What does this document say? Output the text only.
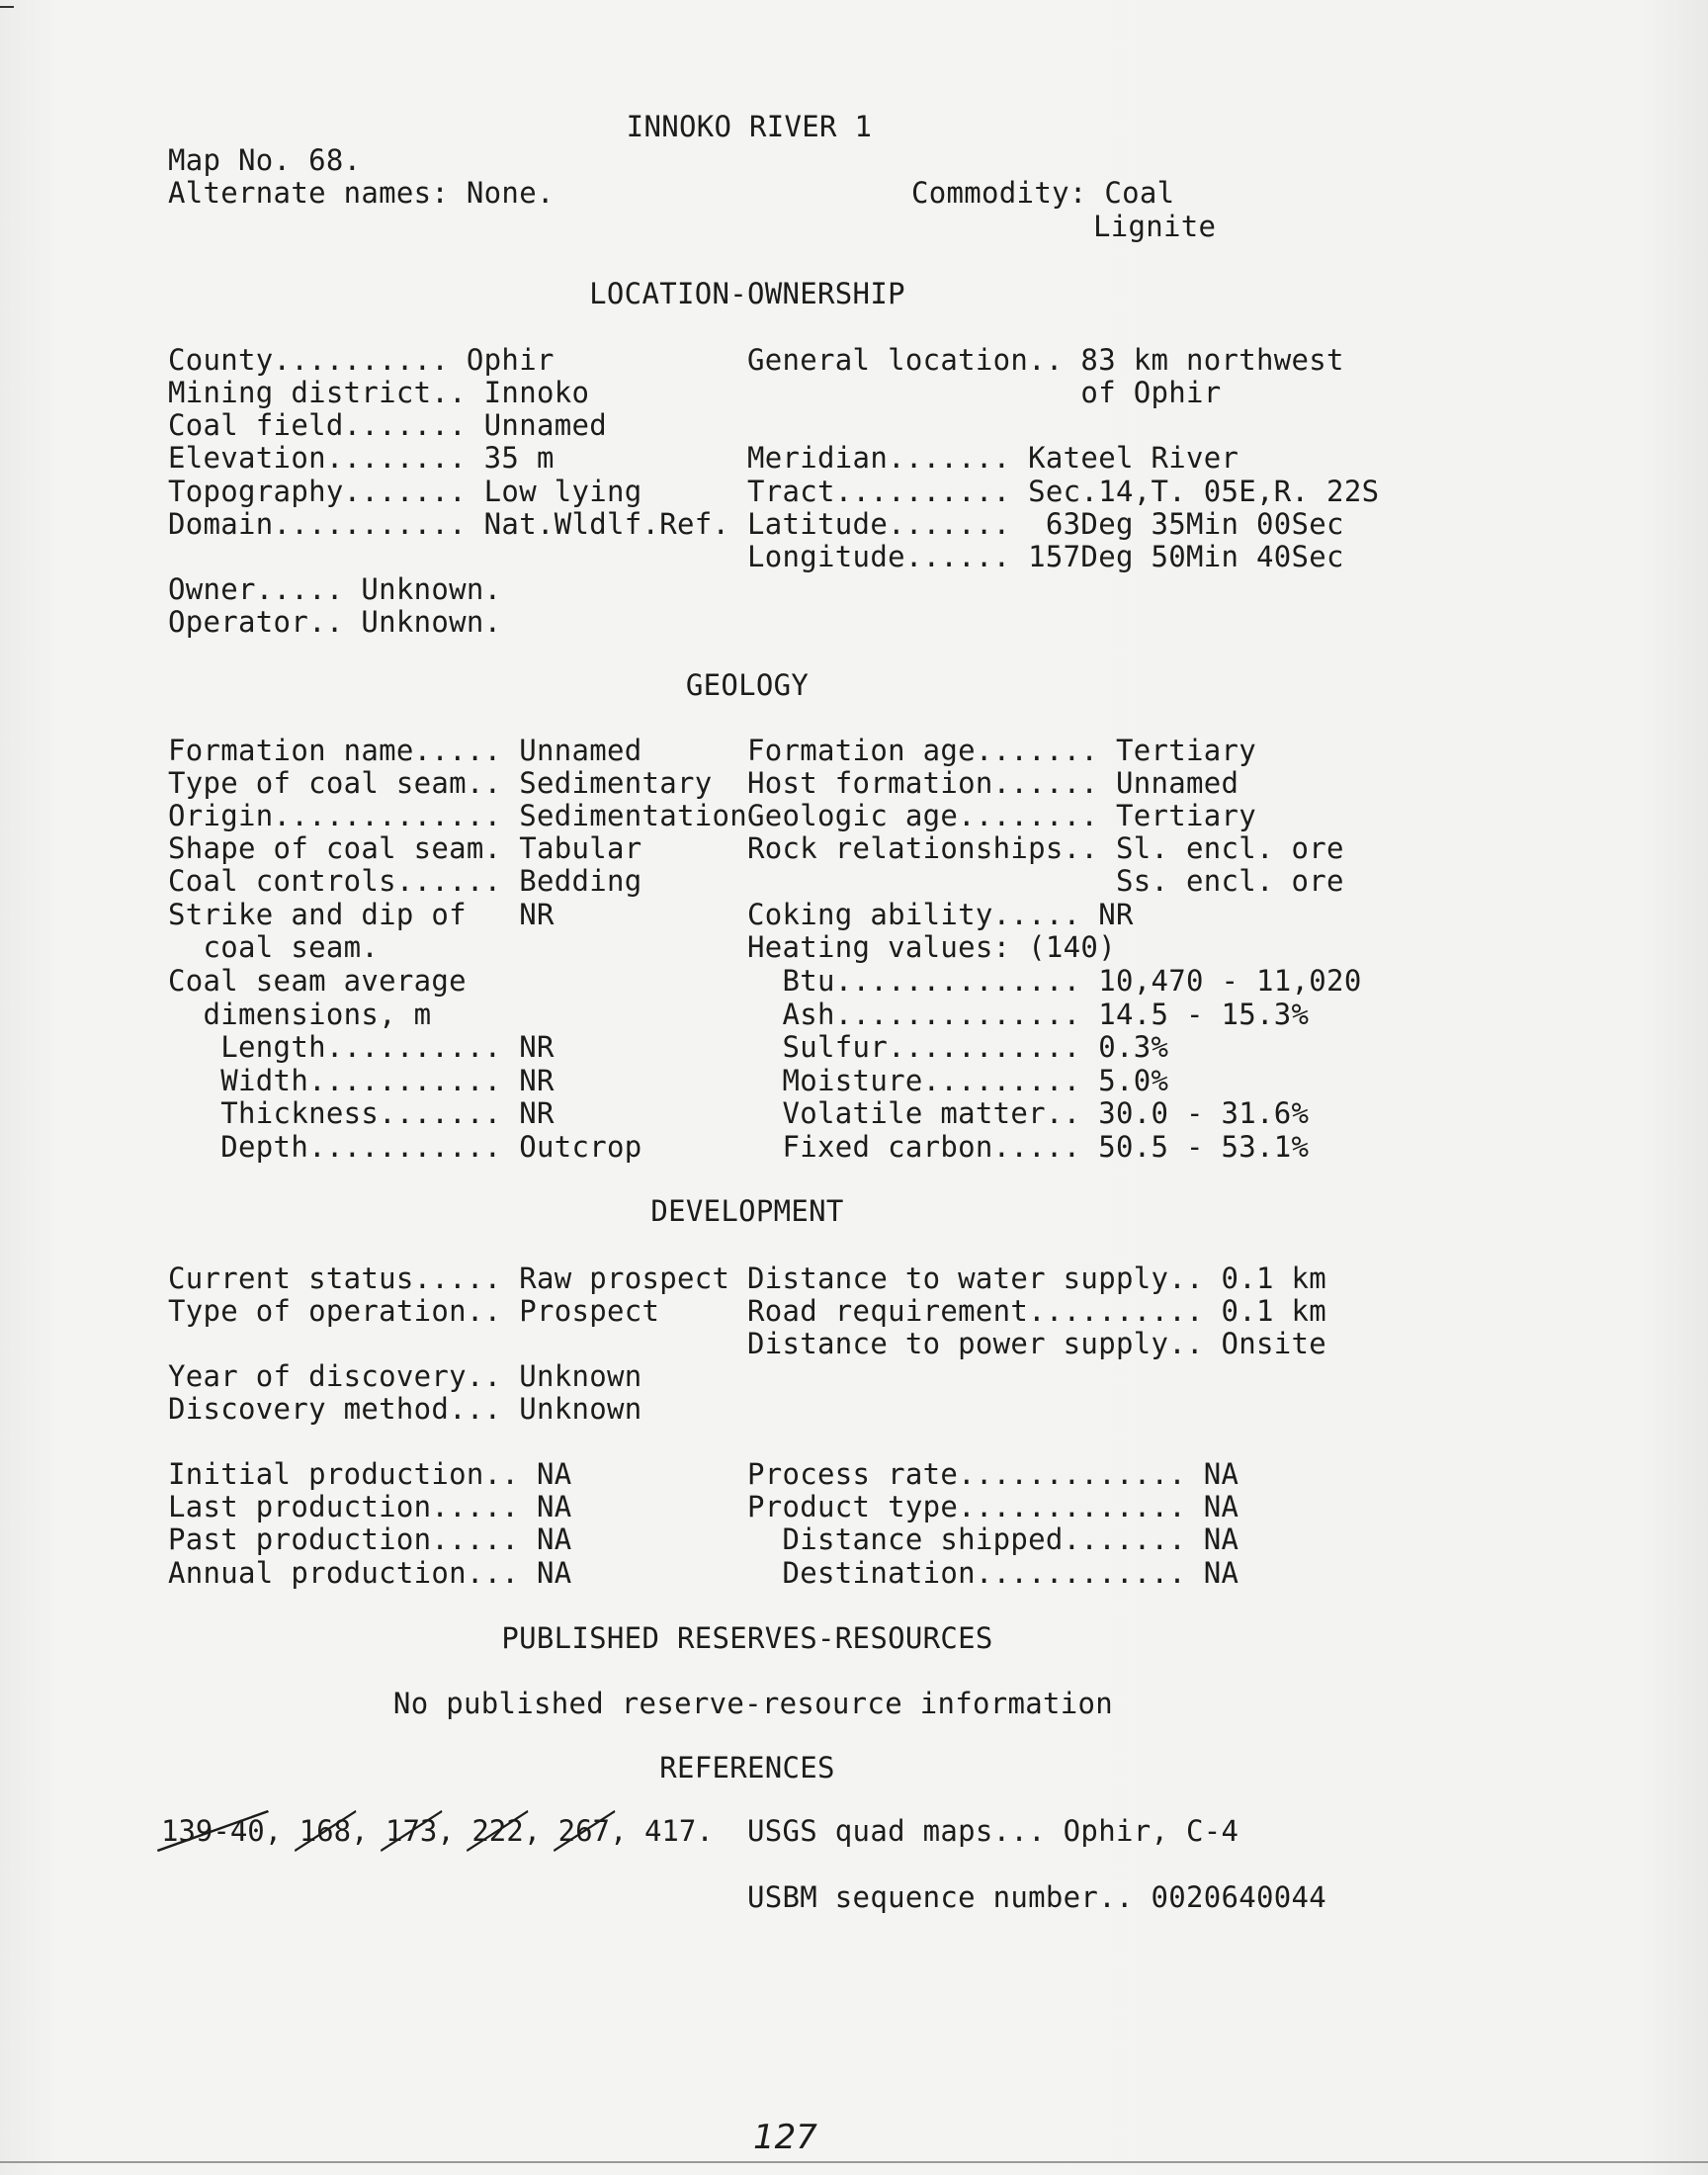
INNOKO RIVER 1
Map No. 68.
Alternate names: None.	Commodity: Coal
Lignite
LOCATION-OWNERSHIP
County.......... Ophir
Mining district.. Innoko
Coal field....... Unnamed
Elevation........ 35 m
Topography....... Low lying
Domain........... Nat.Wldlf.Ref.
General location.. 83 km northwest
of Ophir
Meridian....... Kateel River
Tract.......... Sec.14,T. 05E,R. 22S
Latitude.......  63Deg 35Min 00Sec
Longitude...... 157Deg 50Min 40Sec
Owner..... Unknown.
Operator.. Unknown.
GEOLOGY
Formation name..... Unnamed
Type of coal seam.. Sedimentary
Origin............. Sedimentation
Shape of coal seam. Tabular
Coal controls...... Bedding
Strike and dip of   NR
coal seam.
Coal seam average
dimensions, m
Length.......... NR
Width........... NR
Thickness....... NR
Depth........... Outcrop
Formation age....... Tertiary
Host formation...... Unnamed
Geologic age........ Tertiary
Rock relationships.. Sl. encl. ore
Ss. encl. ore
Coking ability..... NR
Heating values: (140)
Btu.............. 10,470 - 11,020
Ash.............. 14.5 - 15.3%
Sulfur........... 0.3%
Moisture......... 5.0%
Volatile matter.. 30.0 - 31.6%
Fixed carbon..... 50.5 - 53.1%
DEVELOPMENT
Current status..... Raw prospect
Type of operation.. Prospect
Distance to water supply.. 0.1 km
Road requirement.......... 0.1 km
Distance to power supply.. Onsite
Year of discovery.. Unknown
Discovery method... Unknown
Initial production.. NA
Last production..... NA
Past production..... NA
Annual production... NA
Process rate............. NA
Product type............. NA
Distance shipped....... NA
Destination............ NA
PUBLISHED RESERVES-RESOURCES
No published reserve-resource information
REFERENCES
139-40
, 168
, 173
, 222
, 267
, 417. USGS quad maps... Ophir, C-4
USBM sequence number.. 0020640044
127
